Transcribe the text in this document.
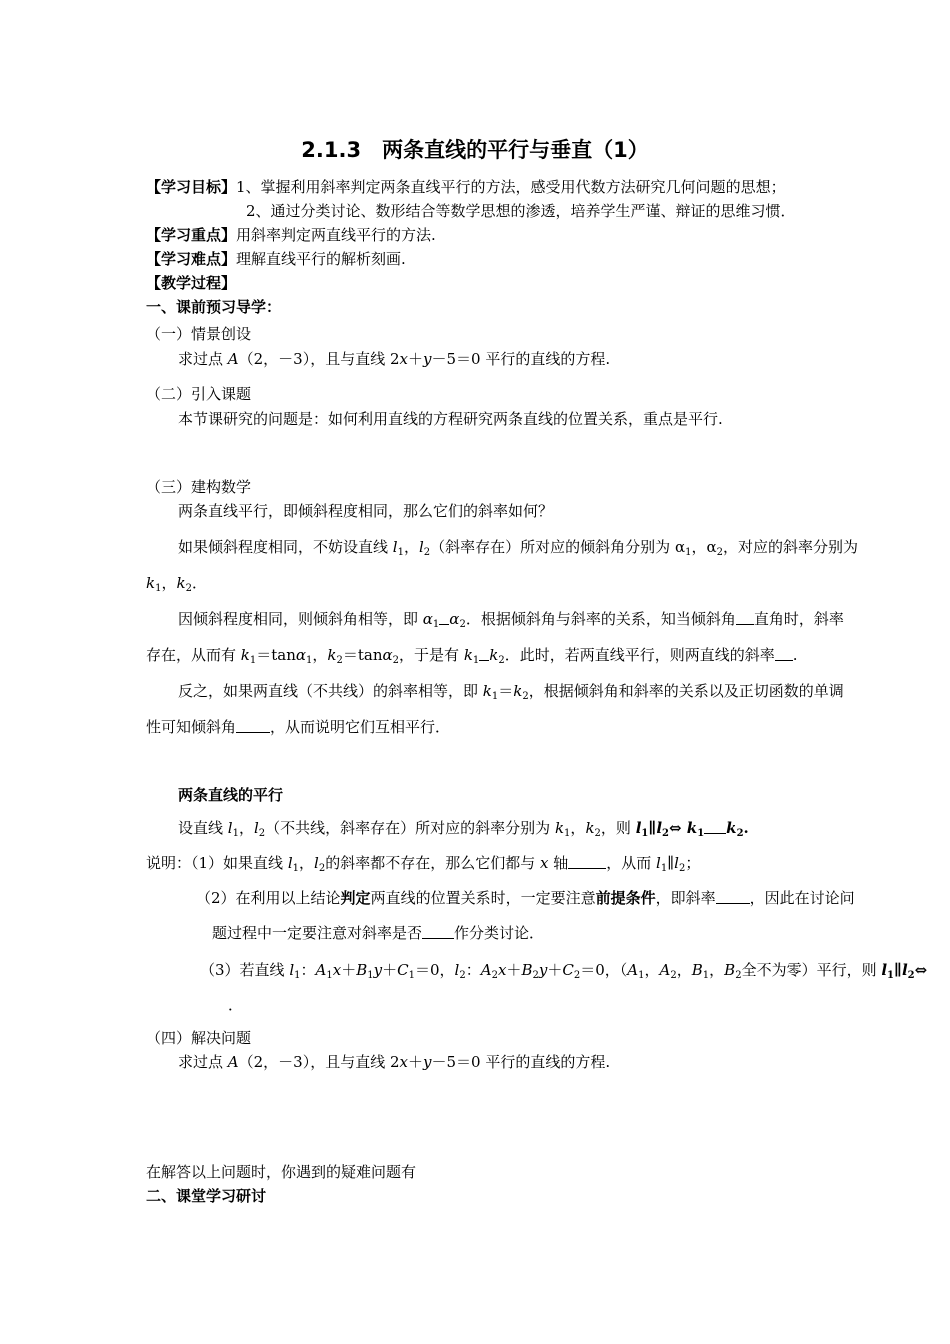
2.1.3　两条直线的平行与垂直（1）
【学习目标】1、掌握利用斜率判定两条直线平行的方法，感受用代数方法研究几何问题的思想；
2、通过分类讨论、数形结合等数学思想的渗透，培养学生严谨、辩证的思维习惯．
【学习重点】用斜率判定两直线平行的方法.
【学习难点】理解直线平行的解析刻画.
【教学过程】
一、课前预习导学：
（一）情景创设
求过点 A（2，－3），且与直线 2x＋y－5＝0 平行的直线的方程.
（二）引入课题
本节课研究的问题是：如何利用直线的方程研究两条直线的位置关系，重点是平行.
（三）建构数学
两条直线平行，即倾斜程度相同，那么它们的斜率如何？
如果倾斜程度相同，不妨设直线 $l_1$，$l_2$（斜率存在）所对应的倾斜角分别为 $\alpha_1$，$\alpha_2$，对应的斜率分别为
$k_1$，$k_2$．
因倾斜程度相同，则倾斜角相等，即 $\alpha_1$ $\alpha_2$．根据倾斜角与斜率的关系，知当倾斜角 直角时，斜率
存在，从而有 $k_1=\tan\alpha_1$，$k_2=\tan\alpha_2$，于是有 $k_1$ $k_2$．此时，若两直线平行，则两直线的斜率 .
反之，如果两直线（不共线）的斜率相等，即 $k_1=k_2$，根据倾斜角和斜率的关系以及正切函数的单调
性可知倾斜角 ，从而说明它们互相平行．
两条直线的平行
设直线 $l_1$，$l_2$（不共线，斜率存在）所对应的斜率分别为 $k_1$，$k_2$，则 $l_1\parallel l_2\Leftrightarrow$ $k_1$ $k_2$.
说明：（1）如果直线 $l_1$，$l_2$的斜率都不存在，那么它们都与 x 轴	，从而 $l_1\parallel l_2$；
（2）在利用以上结论判定两直线的位置关系时，一定要注意前提条件，即斜率 ，因此在讨论问
题过程中一定要注意对斜率是否 作分类讨论．
（3）若直线 $l_1$：$A_1x+B_1y+C_1=0$，$l_2$：$A_2x+B_2y+C_2=0$，（$A_1$，$A_2$，$B_1$，$B_2$全不为零）平行，则 $l_1\parallel l_2\Leftrightarrow$
．
（四）解决问题
求过点 A（2，－3），且与直线 2x＋y－5＝0 平行的直线的方程.
在解答以上问题时，你遇到的疑难问题有
二、课堂学习研讨
